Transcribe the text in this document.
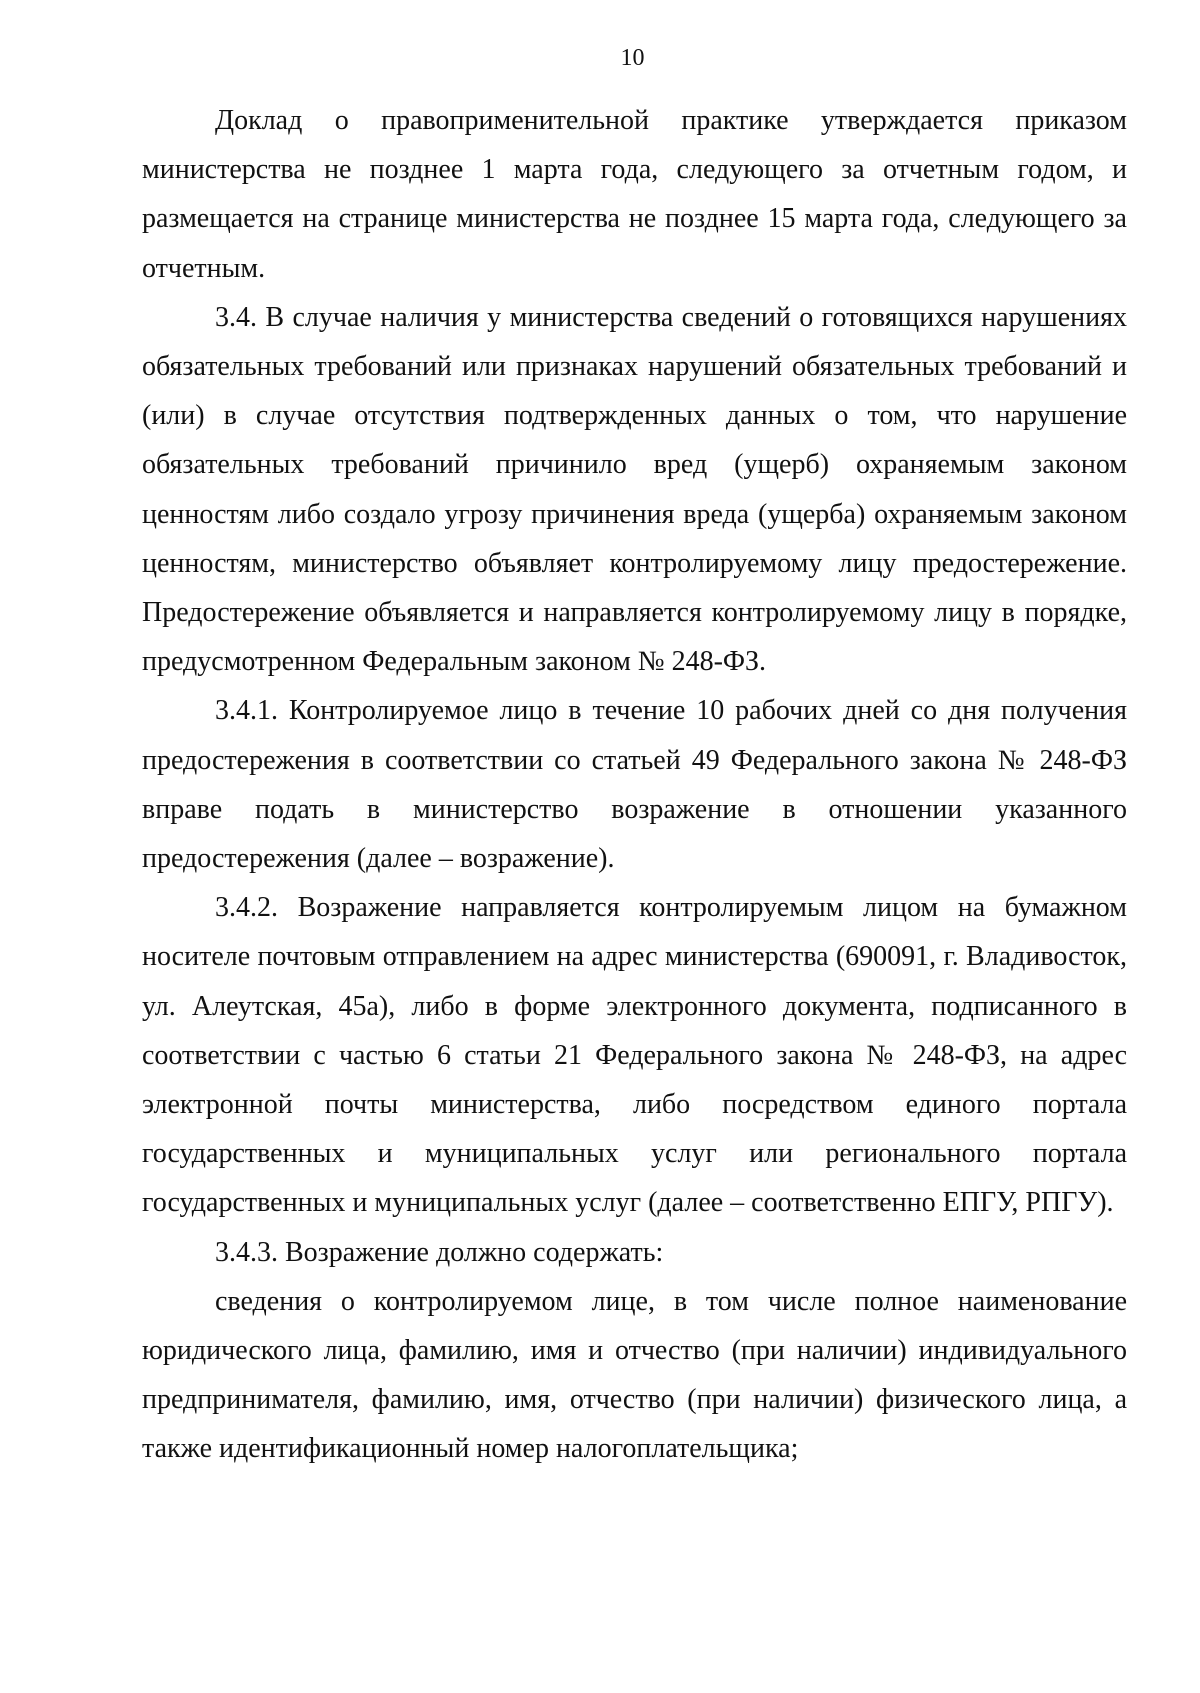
10

Доклад о правоприменительной практике утверждается приказом министерства не позднее 1 марта года, следующего за отчетным годом, и размещается на странице министерства не позднее 15 марта года, следующего за отчетным.

3.4. В случае наличия у министерства сведений о готовящихся нарушениях обязательных требований или признаках нарушений обязательных требований и (или) в случае отсутствия подтвержденных данных о том, что нарушение обязательных требований причинило вред (ущерб) охраняемым законом ценностям либо создало угрозу причинения вреда (ущерба) охраняемым законом ценностям, министерство объявляет контролируемому лицу предостережение. Предостережение объявляется и направляется контролируемому лицу в порядке, предусмотренном Федеральным законом № 248-ФЗ.

3.4.1. Контролируемое лицо в течение 10 рабочих дней со дня получения предостережения в соответствии со статьей 49 Федерального закона № 248-ФЗ вправе подать в министерство возражение в отношении указанного предостережения (далее – возражение).

3.4.2. Возражение направляется контролируемым лицом на бумажном носителе почтовым отправлением на адрес министерства (690091, г. Владивосток, ул. Алеутская, 45а), либо в форме электронного документа, подписанного в соответствии с частью 6 статьи 21 Федерального закона № 248-ФЗ, на адрес электронной почты министерства, либо посредством единого портала государственных и муниципальных услуг или регионального портала государственных и муниципальных услуг (далее – соответственно ЕПГУ, РПГУ).

3.4.3. Возражение должно содержать:

сведения о контролируемом лице, в том числе полное наименование юридического лица, фамилию, имя и отчество (при наличии) индивидуального предпринимателя, фамилию, имя, отчество (при наличии) физического лица, а также идентификационный номер налогоплательщика;
